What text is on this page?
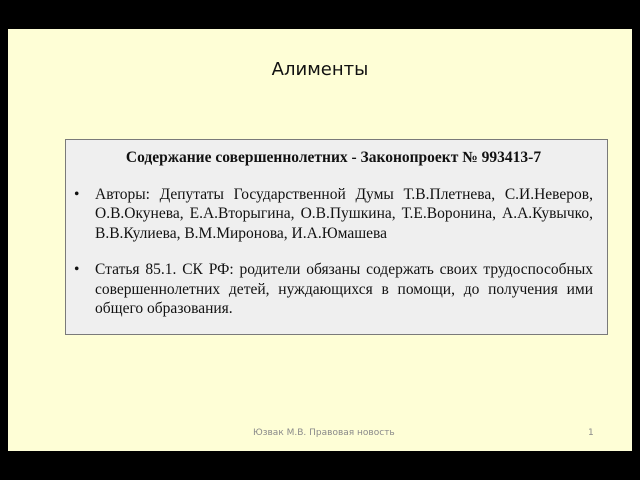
Алименты
Содержание совершеннолетних - Законопроект № 993413-7
• Авторы: Депутаты Государственной Думы Т.В.Плетнева, С.И.Неверов, О.В.Окунева, Е.А.Вторыгина, О.В.Пушкина, Т.Е.Воронина, А.А.Кувычко, В.В.Кулиева, В.М.Миронова, И.А.Юмашева
• Статья 85.1. СК РФ: родители обязаны содержать своих трудоспособных совершеннолетних детей, нуждающихся в помощи, до получения ими общего образования.
Юзвак М.В. Правовая новость	1
